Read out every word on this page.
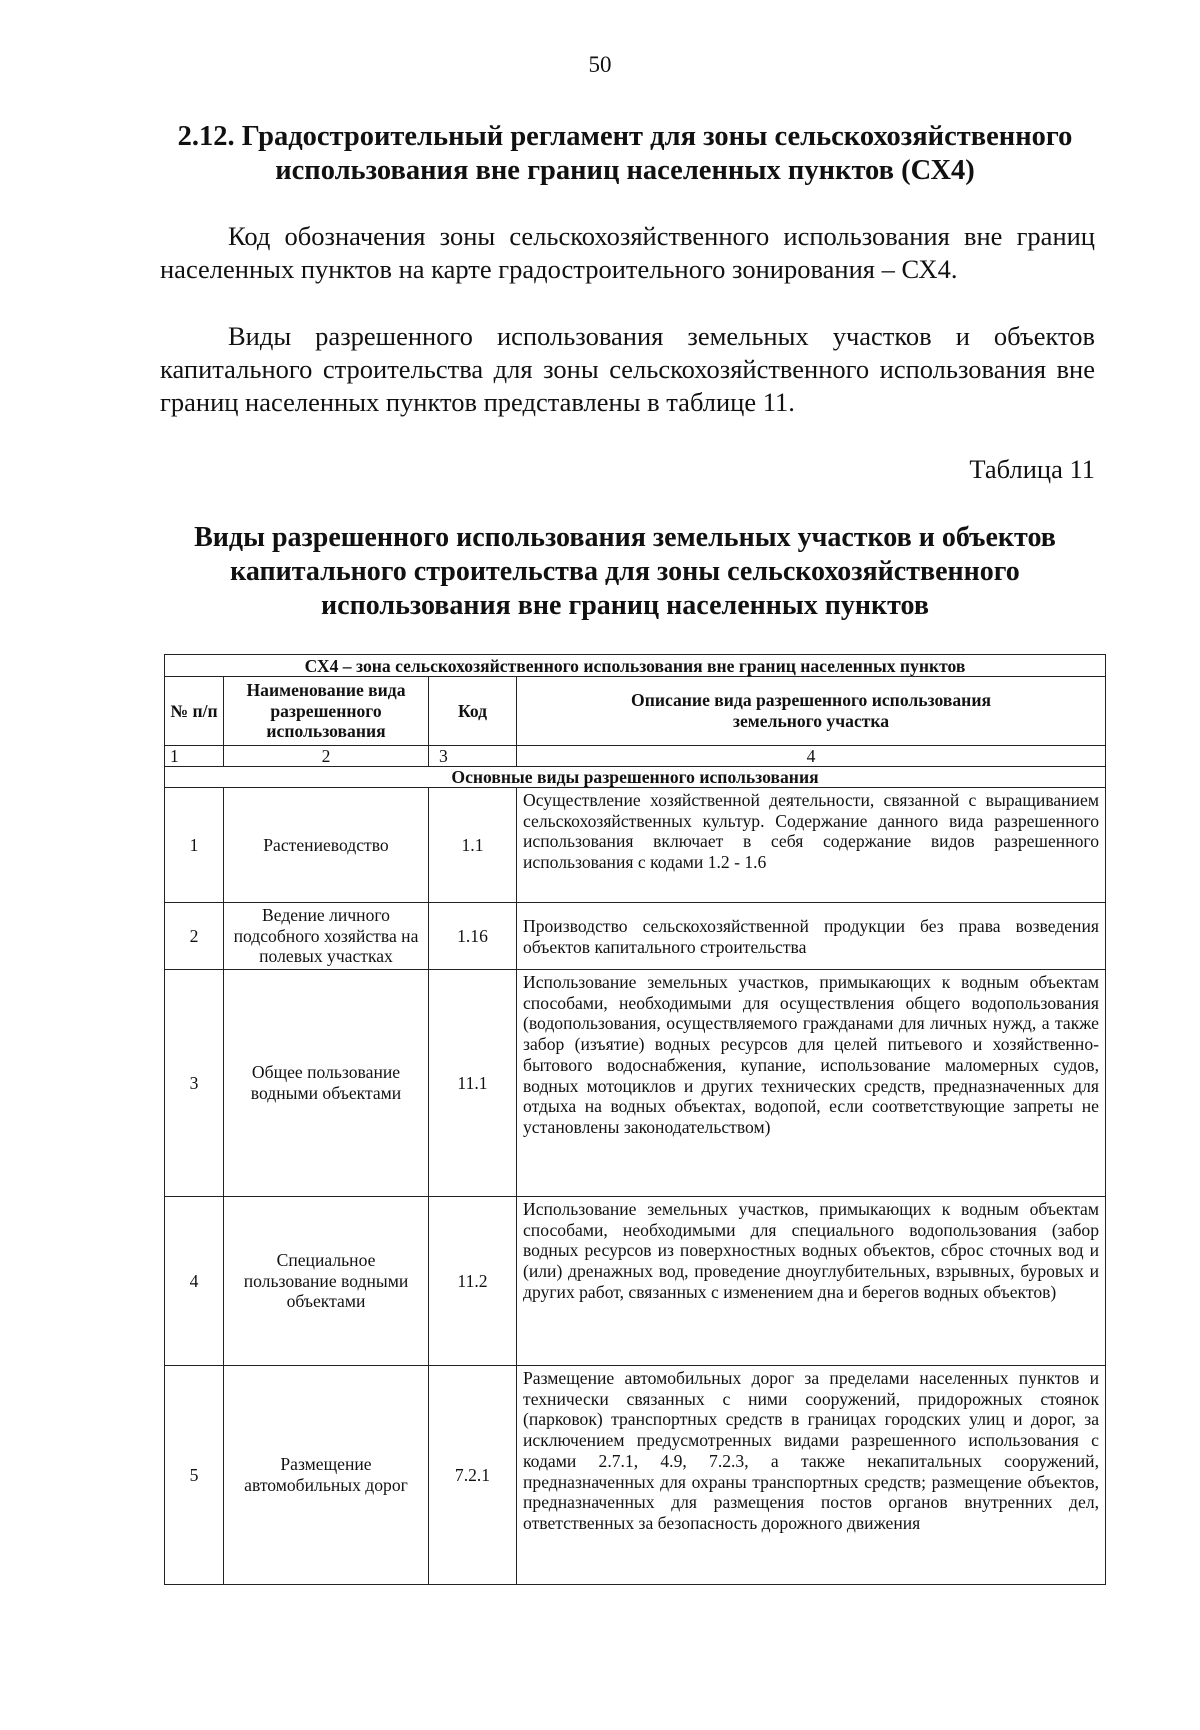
50
2.12. Градостроительный регламент для зоны сельскохозяйственного
использования вне границ населенных пунктов (СХ4)

Код обозначения зоны сельскохозяйственного использования вне границ населенных пунктов на карте градостроительного зонирования – СХ4.

Виды разрешенного использования земельных участков и объектов капитального строительства для зоны сельскохозяйственного использования вне границ населенных пунктов представлены в таблице 11.

Таблица 11
Виды разрешенного использования земельных участков и объектов
капитального строительства для зоны сельскохозяйственного
использования вне границ населенных пунктов
СХ4 – зона сельскохозяйственного использования вне границ населенных пунктов			
№ п/п	Наименование вида разрешенного использования	Код	Описание вида разрешенного использования земельного участка
1	2	3	4
Основные виды разрешенного использования			
1	Растениеводство	1.1	Осуществление хозяйственной деятельности, связанной с выращиванием сельскохозяйственных культур. Содержание данного вида разрешенного использования включает в себя содержание видов разрешенного использования с кодами 1.2 - 1.6
2	Ведение личного подсобного хозяйства на полевых участках	1.16	Производство сельскохозяйственной продукции без права возведения объектов капитального строительства
3	Общее пользование водными объектами	11.1	Использование земельных участков, примыкающих к водным объектам способами, необходимыми для осуществления общего водопользования (водопользования, осуществляемого гражданами для личных нужд, а также забор (изъятие) водных ресурсов для целей питьевого и хозяйственно-бытового водоснабжения, купание, использование маломерных судов, водных мотоциклов и других технических средств, предназначенных для отдыха на водных объектах, водопой, если соответствующие запреты не установлены законодательством)
4	Специальное пользование водными объектами	11.2	Использование земельных участков, примыкающих к водным объектам способами, необходимыми для специального водопользования (забор водных ресурсов из поверхностных водных объектов, сброс сточных вод и (или) дренажных вод, проведение дноуглубительных, взрывных, буровых и других работ, связанных с изменением дна и берегов водных объектов)
5	Размещение автомобильных дорог	7.2.1	Размещение автомобильных дорог за пределами населенных пунктов и технически связанных с ними сооружений, придорожных стоянок (парковок) транспортных средств в границах городских улиц и дорог, за исключением предусмотренных видами разрешенного использования с кодами 2.7.1, 4.9, 7.2.3, а также некапитальных сооружений, предназначенных для охраны транспортных средств; размещение объектов, предназначенных для размещения постов органов внутренних дел, ответственных за безопасность дорожного движения
